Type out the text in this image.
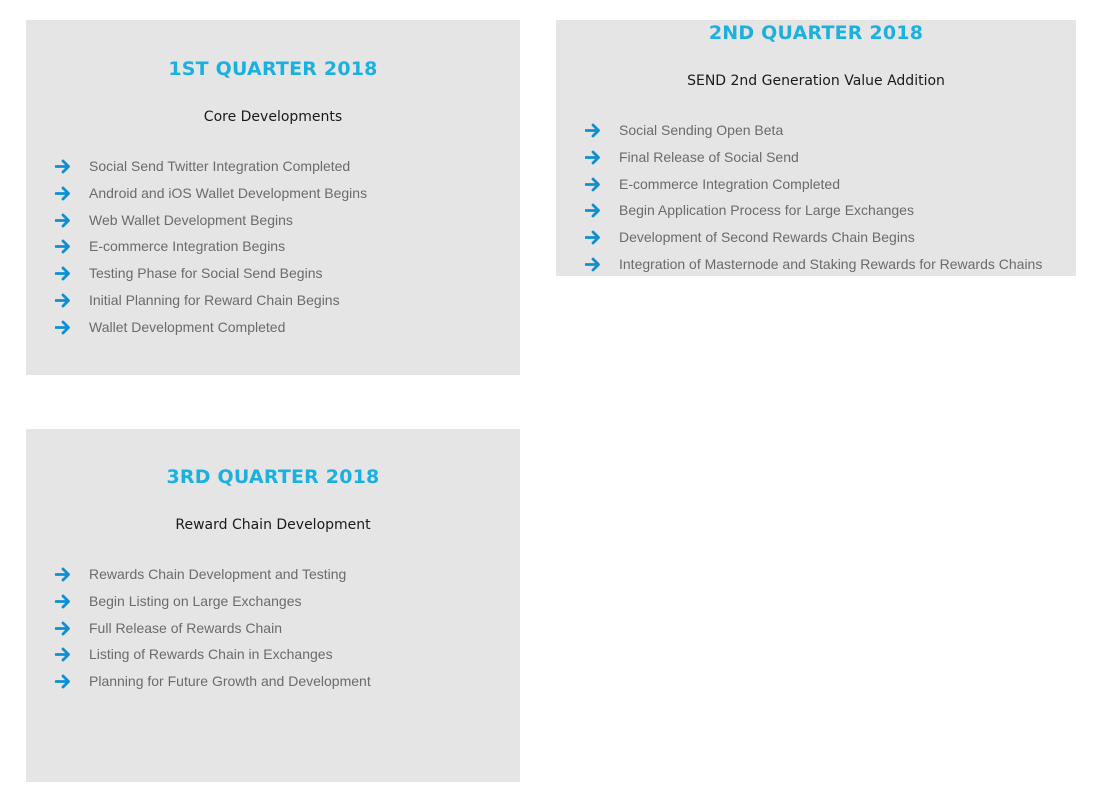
1ST QUARTER 2018
Core Developments
Social Send Twitter Integration Completed
Android and iOS Wallet Development Begins
Web Wallet Development Begins
E-commerce Integration Begins
Testing Phase for Social Send Begins
Initial Planning for Reward Chain Begins
Wallet Development Completed
2ND QUARTER 2018
SEND 2nd Generation Value Addition
Social Sending Open Beta
Final Release of Social Send
E-commerce Integration Completed
Begin Application Process for Large Exchanges
Development of Second Rewards Chain Begins
Integration of Masternode and Staking Rewards for Rewards Chains
3RD QUARTER 2018
Reward Chain Development
Rewards Chain Development and Testing
Begin Listing on Large Exchanges
Full Release of Rewards Chain
Listing of Rewards Chain in Exchanges
Planning for Future Growth and Development
